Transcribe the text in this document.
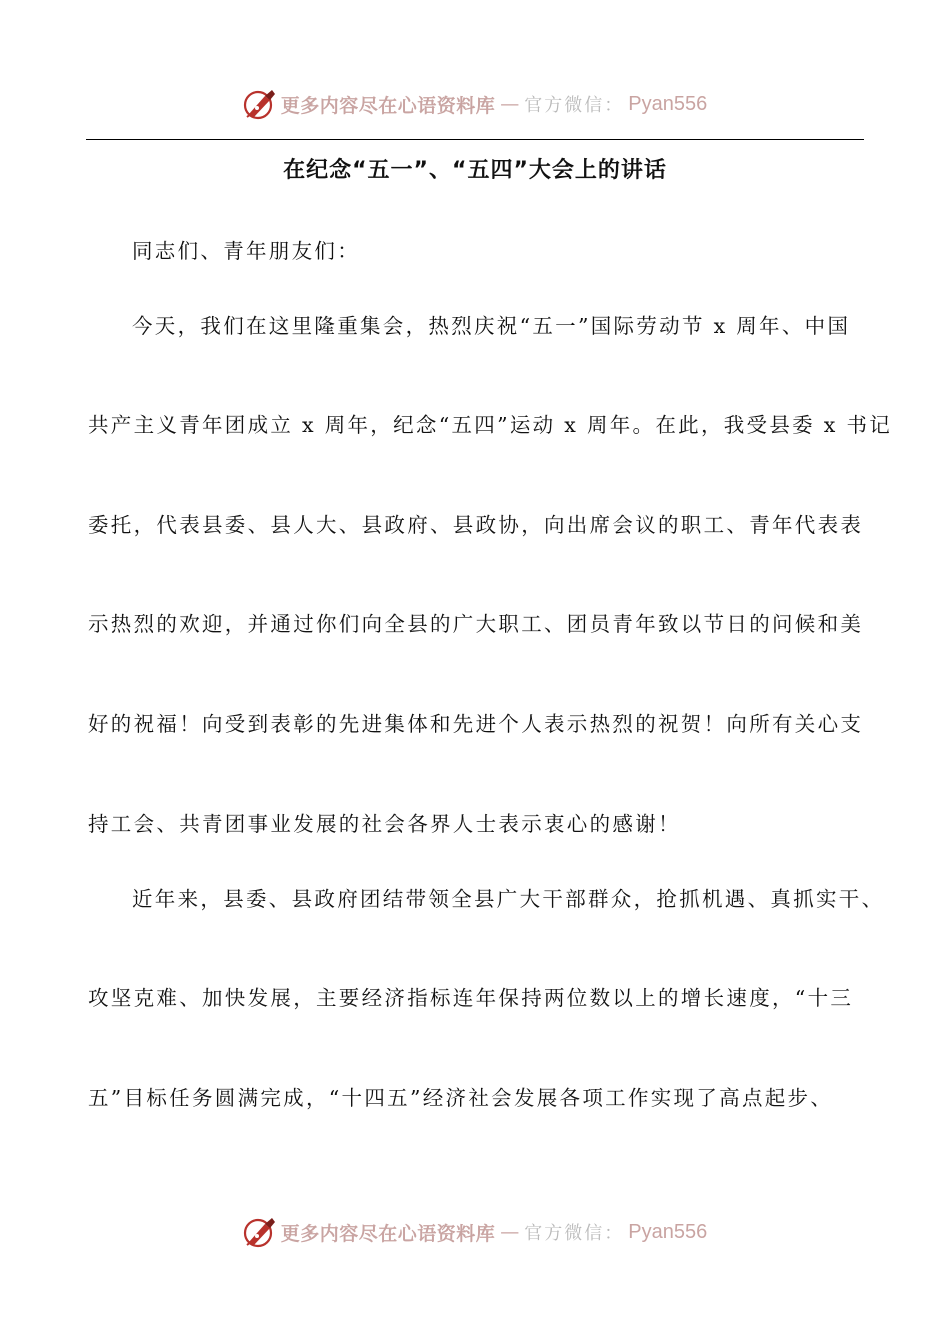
更多内容尽在心语资料库 — 官方微信： Pyan556
在纪念“五一”、“五四”大会上的讲话
同志们、青年朋友们：
今天，我们在这里隆重集会，热烈庆祝“五一”国际劳动节 x 周年、中国
共产主义青年团成立 x 周年，纪念“五四”运动 x 周年。在此，我受县委 x 书记
委托，代表县委、县人大、县政府、县政协，向出席会议的职工、青年代表表
示热烈的欢迎，并通过你们向全县的广大职工、团员青年致以节日的问候和美
好的祝福！向受到表彰的先进集体和先进个人表示热烈的祝贺！向所有关心支
持工会、共青团事业发展的社会各界人士表示衷心的感谢！
近年来，县委、县政府团结带领全县广大干部群众，抢抓机遇、真抓实干、
攻坚克难、加快发展，主要经济指标连年保持两位数以上的增长速度，“十三
五”目标任务圆满完成，“十四五”经济社会发展各项工作实现了高点起步、
更多内容尽在心语资料库 — 官方微信： Pyan556
